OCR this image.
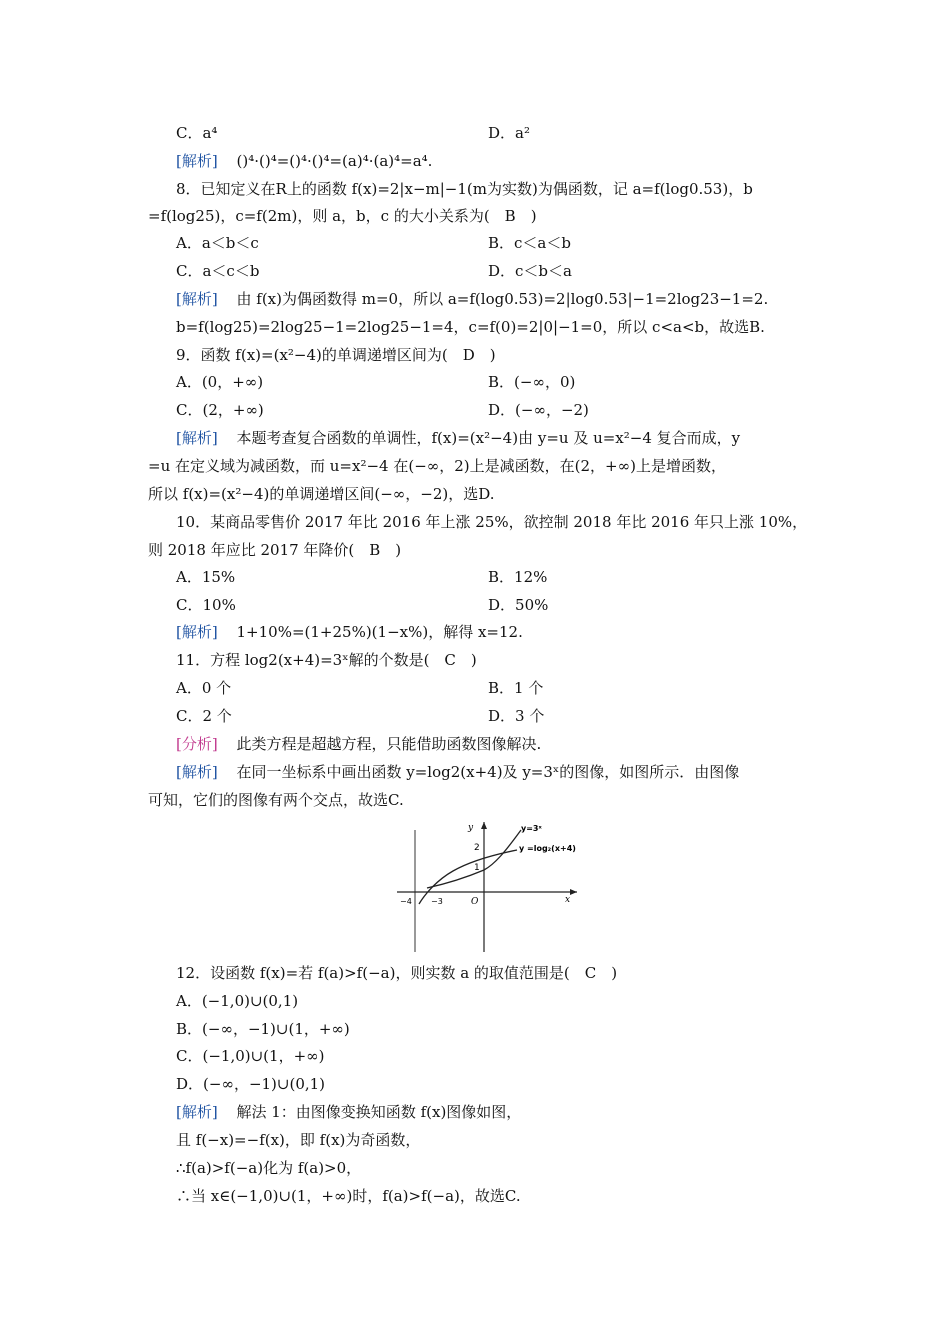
C．a⁴	D．a²
[解析] ()⁴·()⁴=()⁴·()⁴=(a)⁴·(a)⁴=a⁴.
8．已知定义在R上的函数 f(x)=2|x−m|−1(m为实数)为偶函数，记 a=f(log0.53)，b
=f(log25)，c=f(2m)，则 a，b，c 的大小关系为(　B　)
A．a＜b＜c	B．c＜a＜b
C．a＜c＜b	D．c＜b＜a
[解析] 由 f(x)为偶函数得 m=0，所以 a=f(log0.53)=2|log0.53|−1=2log23−1=2.
b=f(log25)=2log25−1=2log25−1=4，c=f(0)=2|0|−1=0，所以 c<a<b，故选B.
9．函数 f(x)=(x²−4)的单调递增区间为(　D　)
A．(0，+∞)	B．(−∞，0)
C．(2，+∞)	D．(−∞，−2)
[解析] 本题考查复合函数的单调性，f(x)=(x²−4)由 y=u 及 u=x²−4 复合而成，y
=u 在定义域为减函数，而 u=x²−4 在(−∞，2)上是减函数，在(2，+∞)上是增函数，
所以 f(x)=(x²−4)的单调递增区间(−∞，−2)，选D.
10．某商品零售价 2017 年比 2016 年上涨 25%，欲控制 2018 年比 2016 年只上涨 10%，
则 2018 年应比 2017 年降价(　B　)
A．15%	B．12%
C．10%	D．50%
[解析] 1+10%=(1+25%)(1−x%)，解得 x=12.
11．方程 log2(x+4)=3ˣ解的个数是(　C　)
A．0 个	B．1 个
C．2 个	D．3 个
[分析] 此类方程是超越方程，只能借助函数图像解决.
[解析] 在同一坐标系中画出函数 y=log2(x+4)及 y=3ˣ的图像，如图所示．由图像
可知，它们的图像有两个交点，故选C.
y=3ˣ
y =log₂(x+4)
y
x
O
2
1
−4 −3
12．设函数 f(x)=若 f(a)>f(−a)，则实数 a 的取值范围是(　C　)
A．(−1,0)∪(0,1)
B．(−∞，−1)∪(1，+∞)
C．(−1,0)∪(1，+∞)
D．(−∞，−1)∪(0,1)
[解析] 解法 1：由图像变换知函数 f(x)图像如图，
且 f(−x)=−f(x)，即 f(x)为奇函数，
∴f(a)>f(−a)化为 f(a)>0，
∴当 x∈(−1,0)∪(1，+∞)时，f(a)>f(−a)，故选C.
